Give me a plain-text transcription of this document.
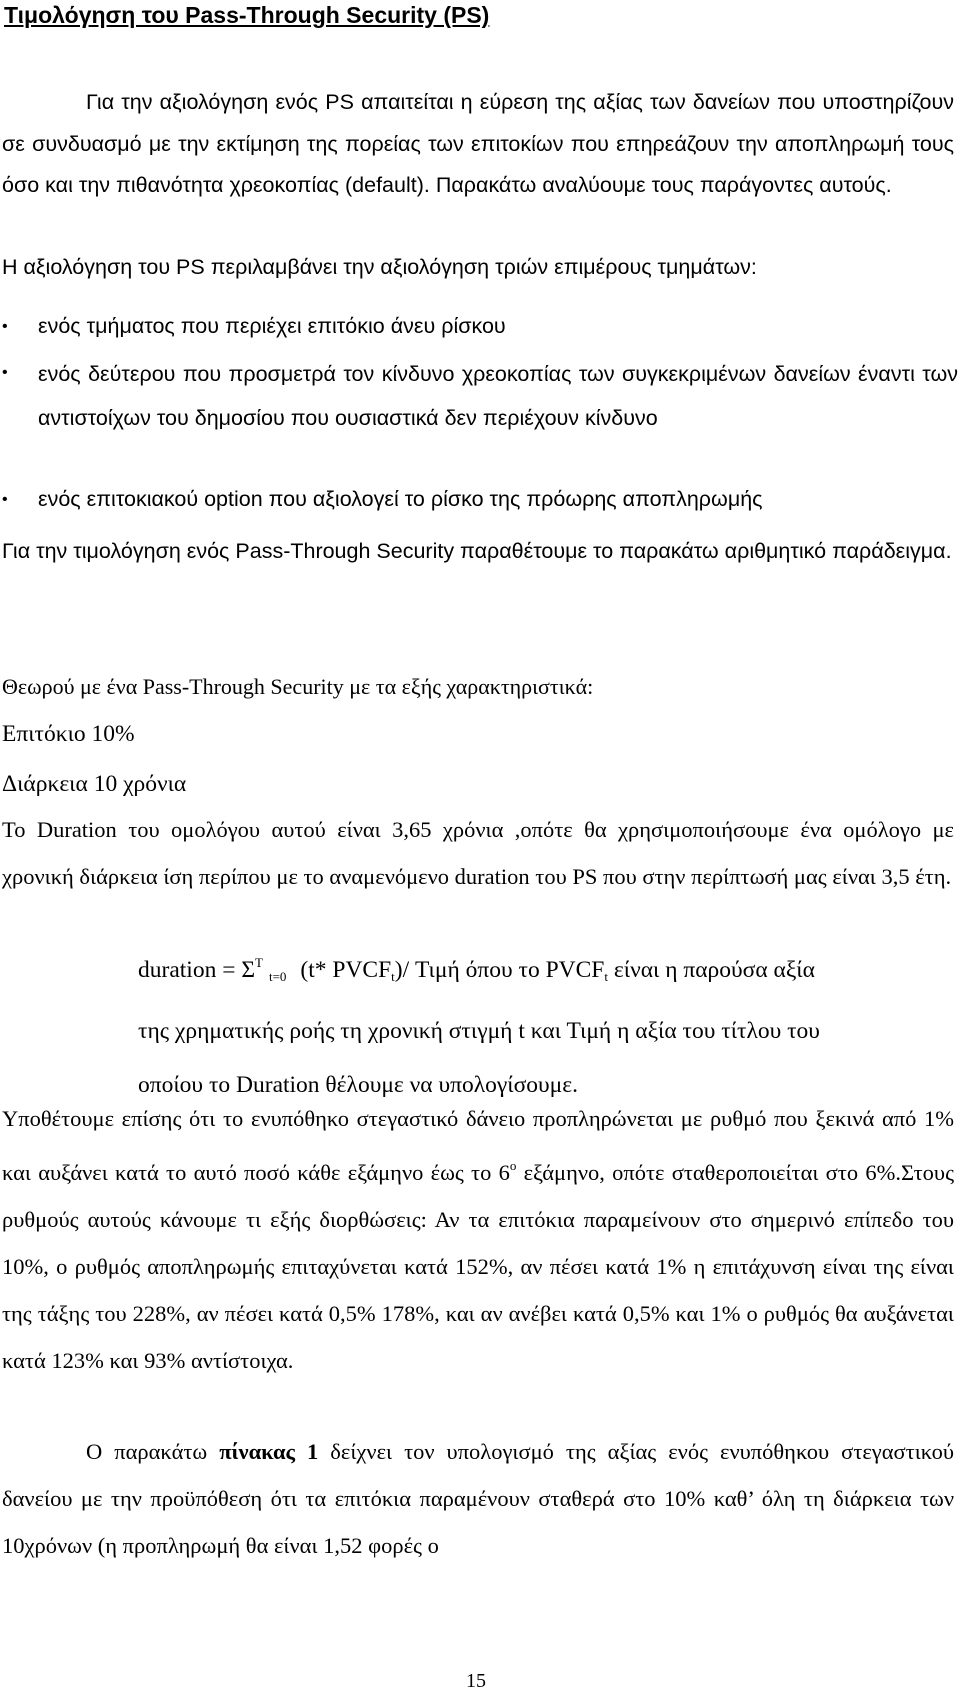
Τιμολόγηση του Pass-Through Security (PS)
Για την αξιολόγηση ενός PS απαιτείται η εύρεση της αξίας των δανείων που υποστηρίζουν σε συνδυασμό με την εκτίμηση της πορείας των επιτοκίων που επηρεάζουν την αποπληρωμή τους όσο και την πιθανότητα χρεοκοπίας (default). Παρακάτω αναλύουμε τους παράγοντες αυτούς.
Η αξιολόγηση του PS περιλαμβάνει την αξιολόγηση τριών επιμέρους τμημάτων:
•	ενός τμήματος που περιέχει επιτόκιο άνευ ρίσκου
•	ενός δεύτερου που προσμετρά τον κίνδυνο χρεοκοπίας των συγκεκριμένων δανείων έναντι των αντιστοίχων του δημοσίου που ουσιαστικά δεν περιέχουν κίνδυνο
•	ενός επιτοκιακού option που αξιολογεί το ρίσκο της πρόωρης αποπληρωμής
Για την τιμολόγηση ενός Pass-Through Security παραθέτουμε το παρακάτω αριθμητικό παράδειγμα.
Θεωρού με ένα Pass-Through Security με τα εξής χαρακτηριστικά:
Επιτόκιο 10%
Διάρκεια 10 χρόνια
Το Duration του ομολόγου αυτού είναι 3,65 χρόνια ,οπότε θα χρησιμοποιήσουμε ένα ομόλογο με χρονική διάρκεια ίση περίπου με το αναμενόμενο duration του PS που στην περίπτωσή μας είναι 3,5 έτη.
duration = $\Sigma^T_{t=0}$ (t* $PVCF_t)/$ Τιμή όπου το $PVCF_t$ είναι η παρούσα αξία
της χρηματικής ροής τη χρονική στιγμή t και Τιμή η αξία του τίτλου του
οποίου το Duration θέλουμε να υπολογίσουμε.
Υποθέτουμε επίσης ότι το ενυπόθηκο στεγαστικό δάνειο προπληρώνεται με ρυθμό που ξεκινά από 1% και αυξάνει κατά το αυτό ποσό κάθε εξάμηνο έως το $6^o$ εξάμηνο, οπότε σταθεροποιείται στο 6%.Στους ρυθμούς αυτούς κάνουμε τι εξής διορθώσεις: Αν τα επιτόκια παραμείνουν στο σημερινό επίπεδο του 10%, ο ρυθμός αποπληρωμής επιταχύνεται κατά 152%, αν πέσει κατά 1% η επιτάχυνση είναι της είναι της τάξης του 228%, αν πέσει κατά 0,5% 178%, και αν ανέβει κατά 0,5% και 1% ο ρυθμός θα αυξάνεται κατά 123% και 93% αντίστοιχα.
Ο παρακάτω πίνακας 1 δείχνει τον υπολογισμό της αξίας ενός ενυπόθηκου στεγαστικού δανείου με την προϋπόθεση ότι τα επιτόκια παραμένουν σταθερά στο 10% καθ’ όλη τη διάρκεια των 10χρόνων (η προπληρωμή θα είναι 1,52 φορές ο
15
